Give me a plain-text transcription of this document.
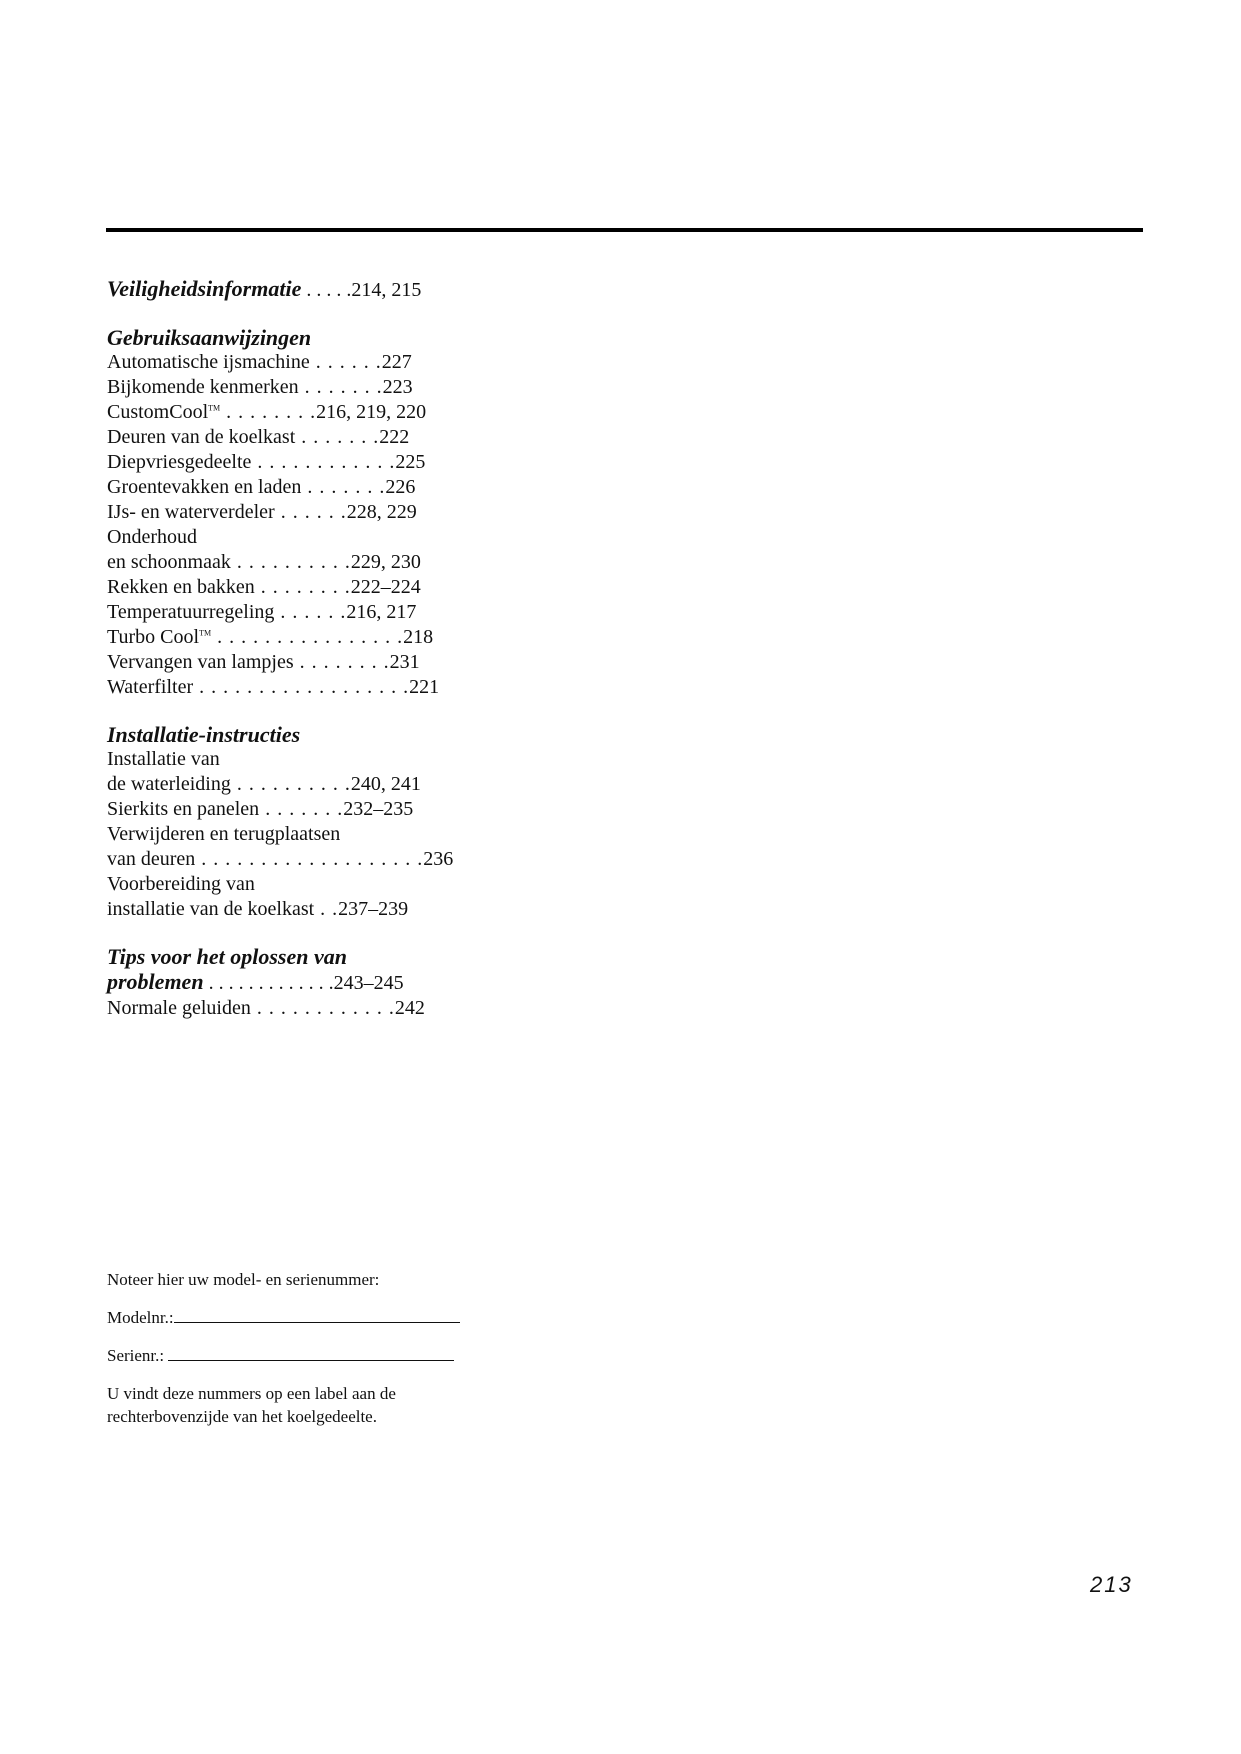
Veiligheidsinformatie . . . . .214, 215
Gebruiksaanwijzingen
Automatische ijsmachine . . . . . .227
Bijkomende kenmerken . . . . . . .223
CustomCool™ . . . . . . . .216, 219, 220
Deuren van de koelkast . . . . . . .222
Diepvriesgedeelte . . . . . . . . . . . .225
Groentevakken en laden . . . . . . .226
IJs- en waterverdeler . . . . . .228, 229
Onderhoud
en schoonmaak . . . . . . . . . .229, 230
Rekken en bakken . . . . . . . .222–224
Temperatuurregeling . . . . . .216, 217
Turbo Cool™ . . . . . . . . . . . . . . . .218
Vervangen van lampjes . . . . . . . .231
Waterfilter . . . . . . . . . . . . . . . . . .221
Installatie-instructies
Installatie van
de waterleiding . . . . . . . . . .240, 241
Sierkits en panelen . . . . . . .232–235
Verwijderen en terugplaatsen
van deuren . . . . . . . . . . . . . . . . . . .236
Voorbereiding van
installatie van de koelkast . .237–239
Tips voor het oplossen van
problemen . . . . . . . . . . . . .243–245
Normale geluiden . . . . . . . . . . . .242
Noteer hier uw model- en serienummer:
Modelnr.:
Serienr.:
U vindt deze nummers op een label aan de rechterbovenzijde van het koelgedeelte.
213
